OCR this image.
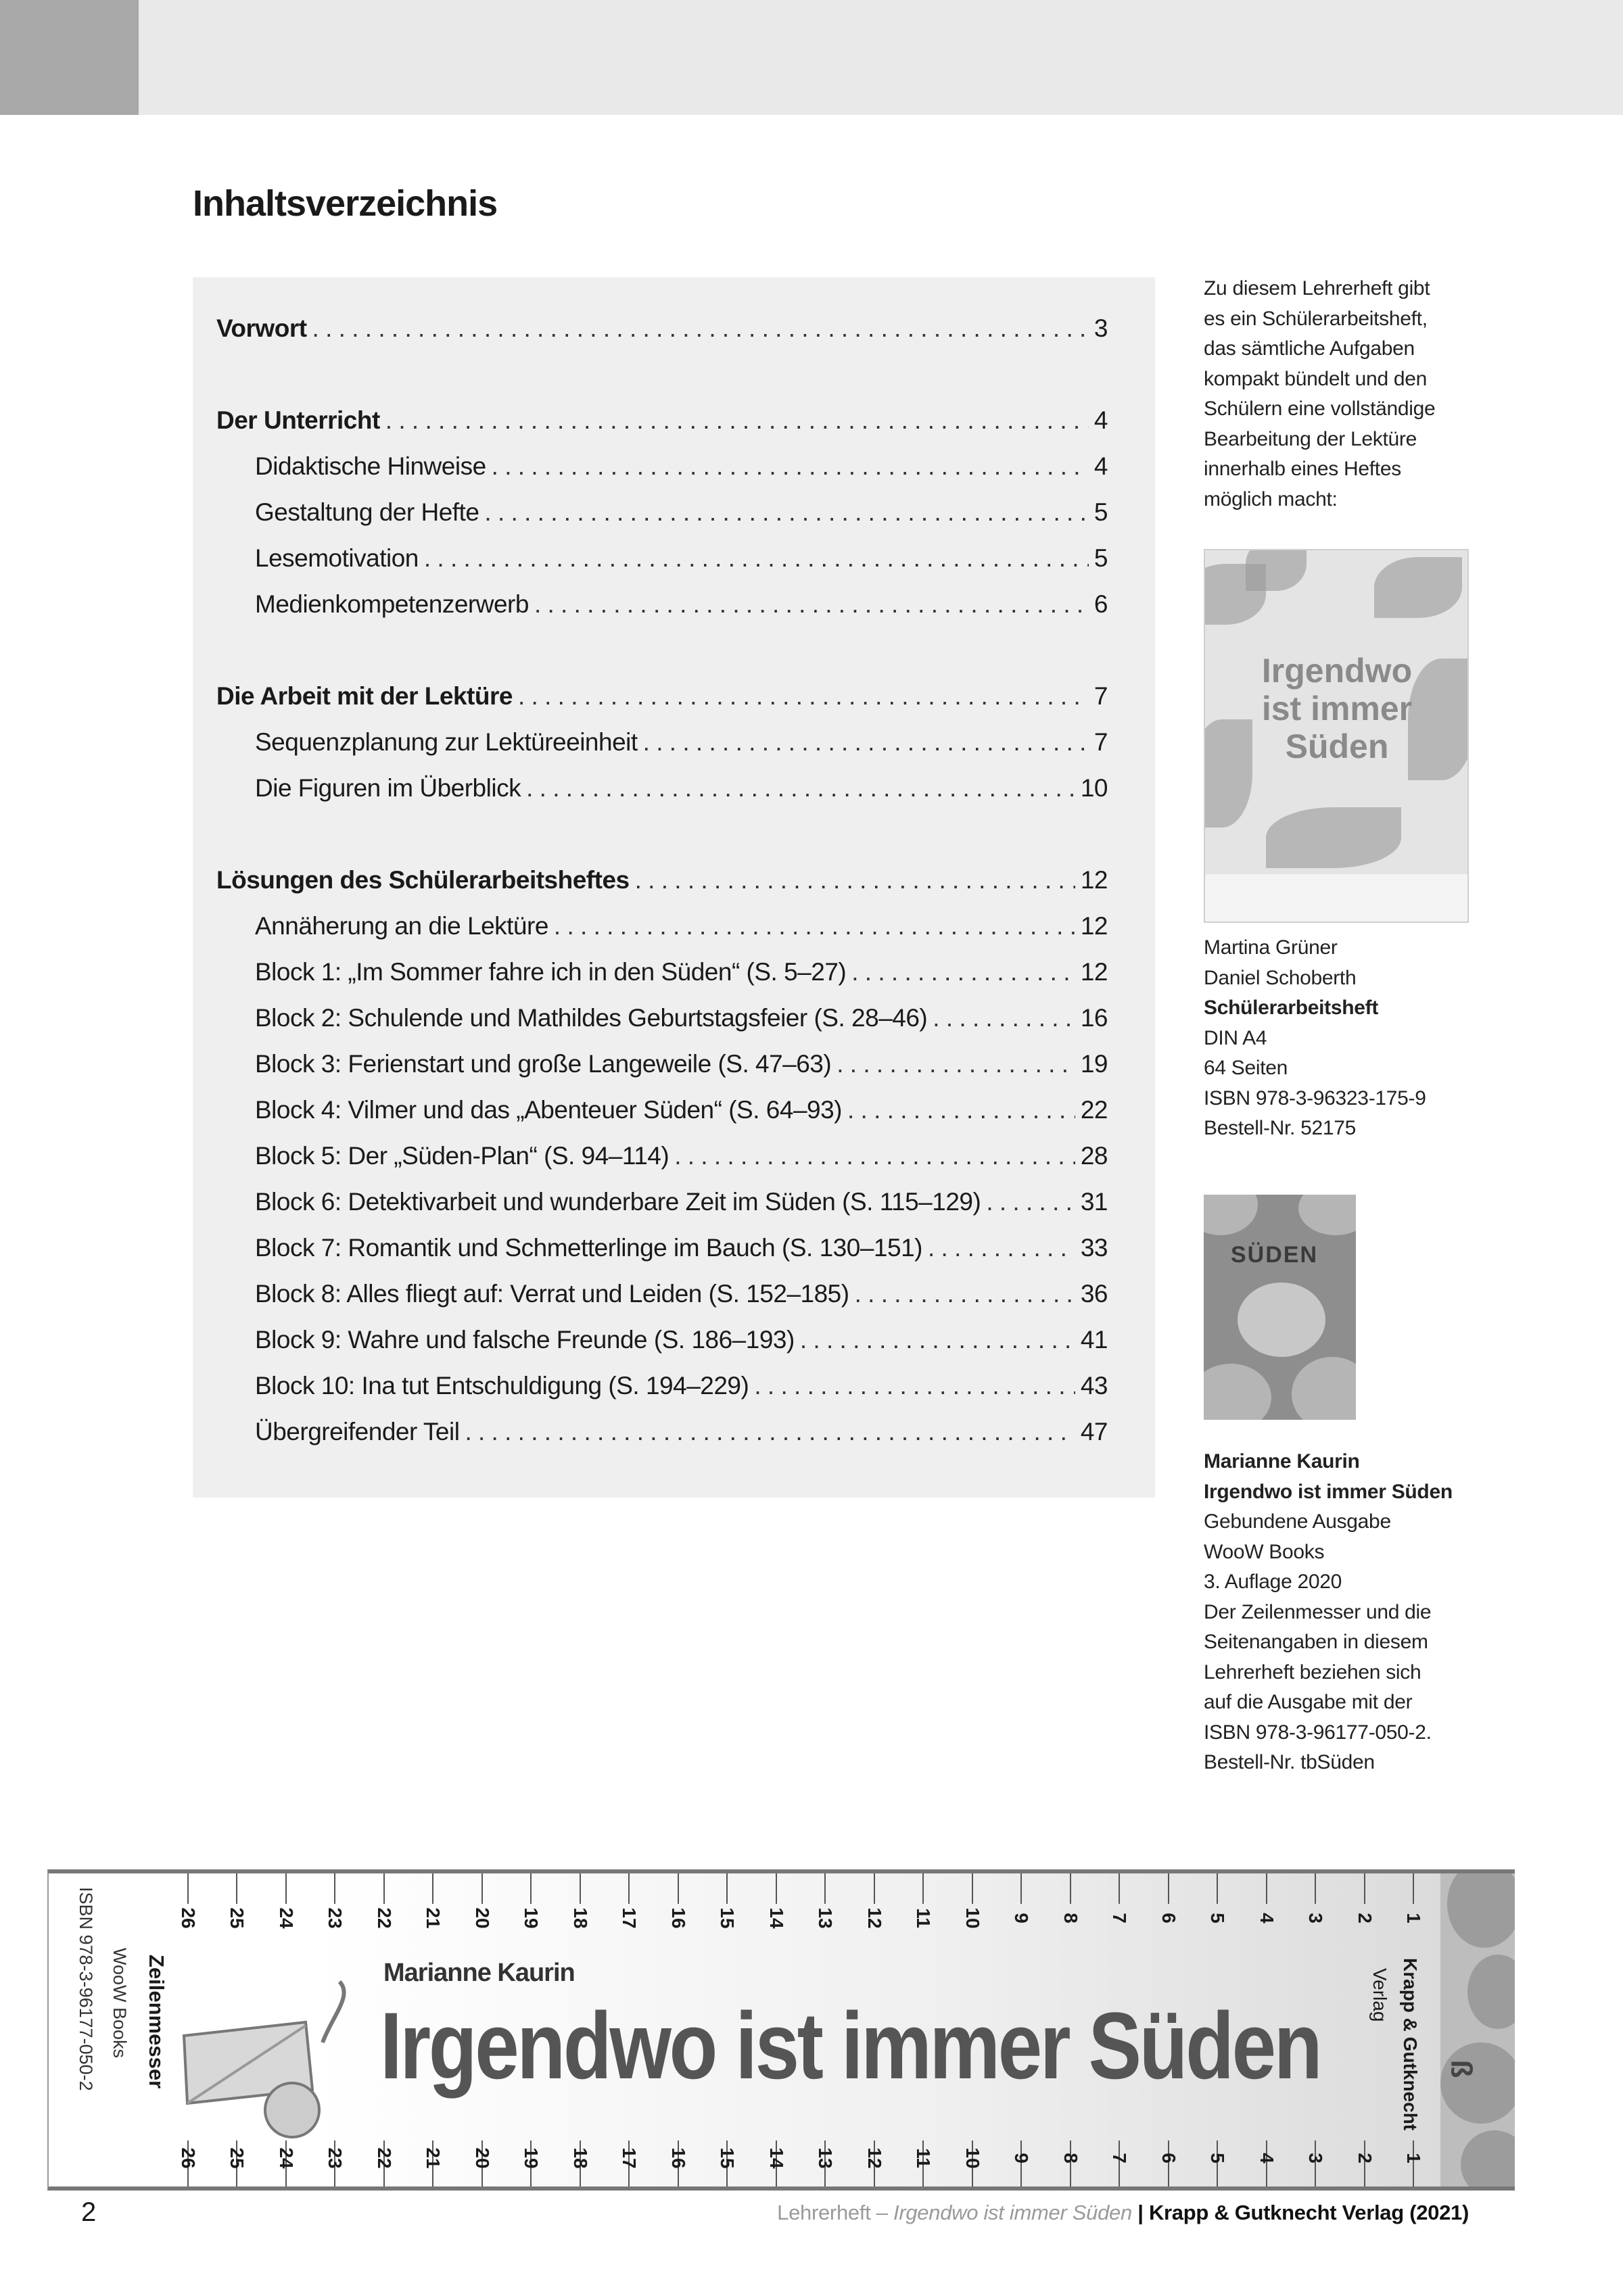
Inhaltsverzeichnis
Vorwort . . .	3
Der Unterricht . . .	4
Didaktische Hinweise . . .	4
Gestaltung der Hefte . . .	5
Lesemotivation . . .	5
Medienkompetenzerwerb . . .	6
Die Arbeit mit der Lektüre . . .	7
Sequenzplanung zur Lektüreeinheit . . .	7
Die Figuren im Überblick . . .	10
Lösungen des Schülerarbeitsheftes . . .	12
Annäherung an die Lektüre . . .	12
Block 1: „Im Sommer fahre ich in den Süden“ (S. 5–27) . . .	12
Block 2: Schulende und Mathildes Geburtstagsfeier (S. 28–46) . . .	16
Block 3: Ferienstart und große Langeweile (S. 47–63) . . .	19
Block 4: Vilmer und das „Abenteuer Süden“ (S. 64–93) . . .	22
Block 5: Der „Süden-Plan“ (S. 94–114) . . .	28
Block 6: Detektivarbeit und wunderbare Zeit im Süden (S. 115–129) . . .	31
Block 7: Romantik und Schmetterlinge im Bauch (S. 130–151) . . .	33
Block 8: Alles fliegt auf: Verrat und Leiden (S. 152–185) . . .	36
Block 9: Wahre und falsche Freunde (S. 186–193) . . .	41
Block 10: Ina tut Entschuldigung (S. 194–229) . . .	43
Übergreifender Teil . . .	47
Zu diesem Lehrerheft gibt
es ein Schülerarbeitsheft,
das sämtliche Aufgaben
kompakt bündelt und den
Schülern eine vollständige
Bearbeitung der Lektüre
innerhalb eines Heftes
möglich macht:
Irgendwo ist immer Süden
Martina Grüner
Daniel Schoberth
Schülerarbeitsheft
DIN A4
64 Seiten
ISBN 978-3-96323-175-9
Bestell-Nr. 52175
SÜDEN
Marianne Kaurin
Irgendwo ist immer Süden
Gebundene Ausgabe
WooW Books
3. Auflage 2020
Der Zeilenmesser und die
Seitenangaben in diesem
Lehrerheft beziehen sich
auf die Ausgabe mit der
ISBN 978-3-96177-050-2.
Bestell-Nr. tbSüden
ISBN 978-3-96177-050-2 WooW Books Zeilenmesser	Marianne Kaurin
Irgendwo ist immer Süden	Krapp & Gutknecht
Verlag
ß
1
1
2
2
3
3
4
4
5
5
6
6
7
7
8
8
9
9
10
10
11
11
12
12
13
13
14
14
15
15
16
16
17
17
18
18
19
19
20
20
21
21
22
22
23
23
24
24
25
25
26
26
2	Lehrerheft – Irgendwo ist immer Süden | Krapp & Gutknecht Verlag (2021)
